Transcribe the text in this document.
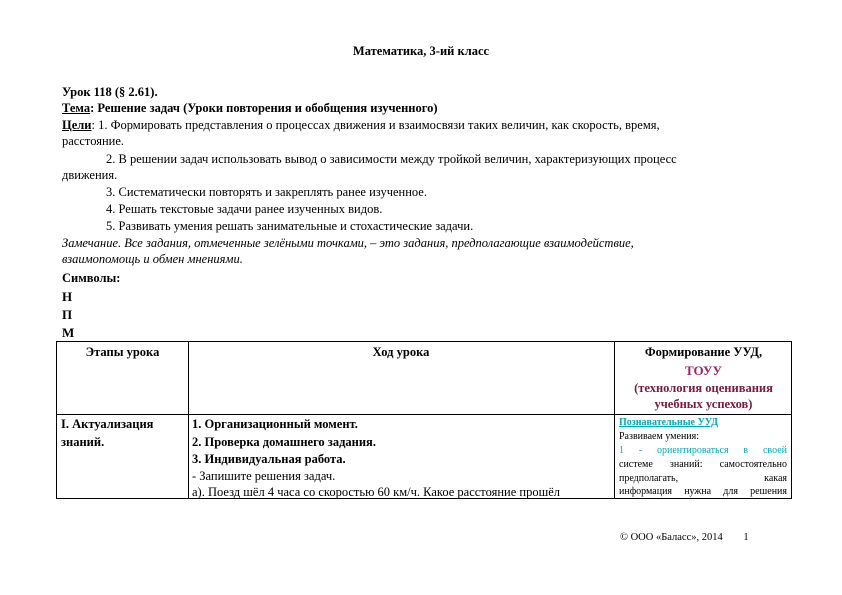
Математика, 3-ий класс
Урок 118 (§ 2.61).
Тема: Решение задач (Уроки повторения и обобщения изученного)
Цели: 1. Формировать представления о процессах движения и взаимосвязи таких величин, как скорость, время,
расстояние.
2. В решении задач использовать вывод о зависимости между тройкой величин, характеризующих процесс
движения.
3. Систематически повторять и закреплять ранее изученное.
4. Решать текстовые задачи ранее изученных видов.
5. Развивать умения решать занимательные и стохастические задачи.
Замечание. Все задания, отмеченные зелёными точками, – это задания, предполагающие взаимодействие,
взаимопомощь и обмен мнениями.
Символы:
Н
П
М
Этапы урока	Ход урока	Формирование УУД,
ТОУУ
(технология оценивания
учебных успехов)
I. Актуализация
знаний.
1. Организационный момент.
2. Проверка домашнего задания.
3. Индивидуальная работа.
- Запишите решения задач.
а). Поезд шёл 4 часа со скоростью 60 км/ч. Какое расстояние прошёл
Познавательные УУД
Развиваем умения:
1 - ориентироваться в своей
системе знаний: самостоятельно
предполагать, какая
информация нужна для решения
© ООО «Баласс», 2014 1
